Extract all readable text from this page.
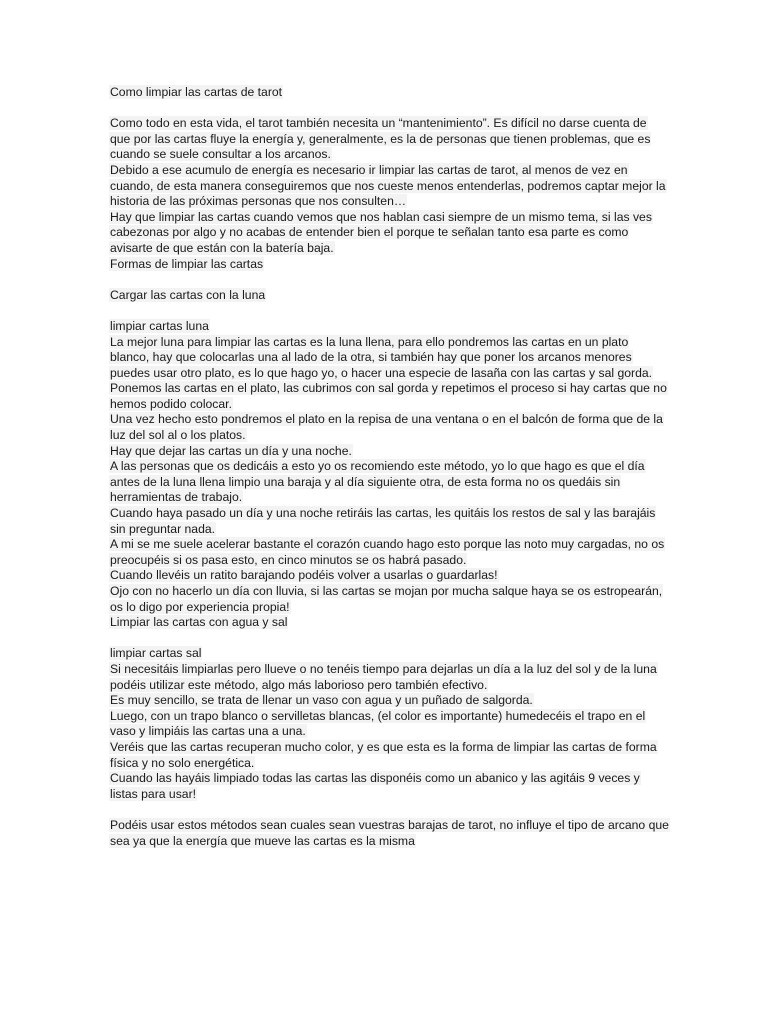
Como limpiar las cartas de tarot

Como todo en esta vida, el tarot también necesita un “mantenimiento”. Es difícil no darse cuenta de que por las cartas fluye la energía y, generalmente, es la de personas que tienen problemas, que es cuando se suele consultar a los arcanos.

Debido a ese acumulo de energía es necesario ir limpiar las cartas de tarot, al menos de vez en cuando, de esta manera conseguiremos que nos cueste menos entenderlas, podremos captar mejor la historia de las próximas personas que nos consulten…

Hay que limpiar las cartas cuando vemos que nos hablan casi siempre de un mismo tema, si las ves cabezonas por algo y no acabas de entender bien el porque te señalan tanto esa parte es como avisarte de que están con la batería baja.

Formas de limpiar las cartas

Cargar las cartas con la luna

limpiar cartas luna

La mejor luna para limpiar las cartas es la luna llena, para ello pondremos las cartas en un plato blanco, hay que colocarlas una al lado de la otra, si también hay que poner los arcanos menores puedes usar otro plato, es lo que hago yo, o hacer una especie de lasaña con las cartas y sal gorda.

Ponemos las cartas en el plato, las cubrimos con sal gorda y repetimos el proceso si hay cartas que no hemos podido colocar.

Una vez hecho esto pondremos el plato en la repisa de una ventana o en el balcón de forma que de la luz del sol al o los platos.

Hay que dejar las cartas un día y una noche.

A las personas que os dedicáis a esto yo os recomiendo este método, yo lo que hago es que el día antes de la luna llena limpio una baraja y al día siguiente otra, de esta forma no os quedáis sin herramientas de trabajo.

Cuando haya pasado un día y una noche retiráis las cartas, les quitáis los restos de sal y las barajáis sin preguntar nada.

A mi se me suele acelerar bastante el corazón cuando hago esto porque las noto muy cargadas, no os preocupéis si os pasa esto, en cinco minutos se os habrá pasado.

Cuando llevéis un ratito barajando podéis volver a usarlas o guardarlas!

Ojo con no hacerlo un día con lluvia, si las cartas se mojan por mucha salque haya se os estropearán, os lo digo por experiencia propia!

Limpiar las cartas con agua y sal

limpiar cartas sal

Si necesitáis limpiarlas pero llueve o no tenéis tiempo para dejarlas un día a la luz del sol y de la luna podéis utilizar este método, algo más laborioso pero también efectivo.

Es muy sencillo, se trata de llenar un vaso con agua y un puñado de salgorda.

Luego, con un trapo blanco o servilletas blancas, (el color es importante) humedecéis el trapo en el vaso y limpiáis las cartas una a una.

Veréis que las cartas recuperan mucho color, y es que esta es la forma de limpiar las cartas de forma física y no solo energética.

Cuando las hayáis limpiado todas las cartas las disponéis como un abanico y las agitáis 9 veces y listas para usar!

Podéis usar estos métodos sean cuales sean vuestras barajas de tarot, no influye el tipo de arcano que sea ya que la energía que mueve las cartas es la misma
